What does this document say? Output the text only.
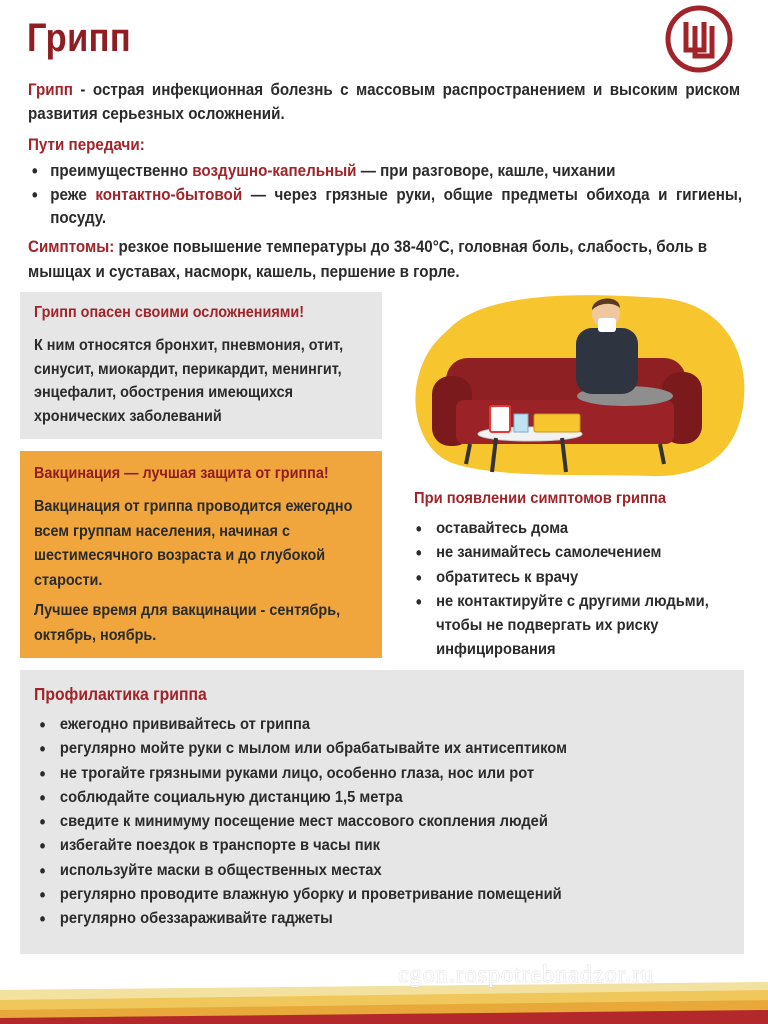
Грипп

Грипп - острая инфекционная болезнь с массовым распространением и высоким риском развития серьезных осложнений.

Пути передачи:
• преимущественно воздушно-капельный — при разговоре, кашле, чихании
• реже контактно-бытовой — через грязные руки, общие предметы обихода и гигиены, посуду.

Симптомы: резкое повышение температуры до 38-40°С, головная боль, слабость, боль в мышцах и суставах, насморк, кашель, першение в горле.

Грипп опасен своими осложнениями!
К ним относятся бронхит, пневмония, отит, синусит, миокардит, перикардит, менингит, энцефалит, обострения имеющихся хронических заболеваний
Вакцинация — лучшая защита от гриппа!
Вакцинация от гриппа проводится ежегодно всем группам населения, начиная с шестимесячного возраста и до глубокой старости.
Лучшее время для вакцинации - сентябрь, октябрь, ноябрь.
При появлении симптомов гриппа
• оставайтесь дома
• не занимайтесь самолечением
• обратитесь к врачу
• не контактируйте с другими людьми, чтобы не подвергать их риску инфицирования
Профилактика гриппа
• ежегодно прививайтесь от гриппа
• регулярно мойте руки с мылом или обрабатывайте их антисептиком
• не трогайте грязными руками лицо, особенно глаза, нос или рот
• соблюдайте социальную дистанцию 1,5 метра
• сведите к минимуму посещение мест массового скопления людей
• избегайте поездок в транспорте в часы пик
• используйте маски в общественных местах
• регулярно проводите влажную уборку и проветривание помещений
• регулярно обеззараживайте гаджеты
cgon.rospotrebnadzor.ru
